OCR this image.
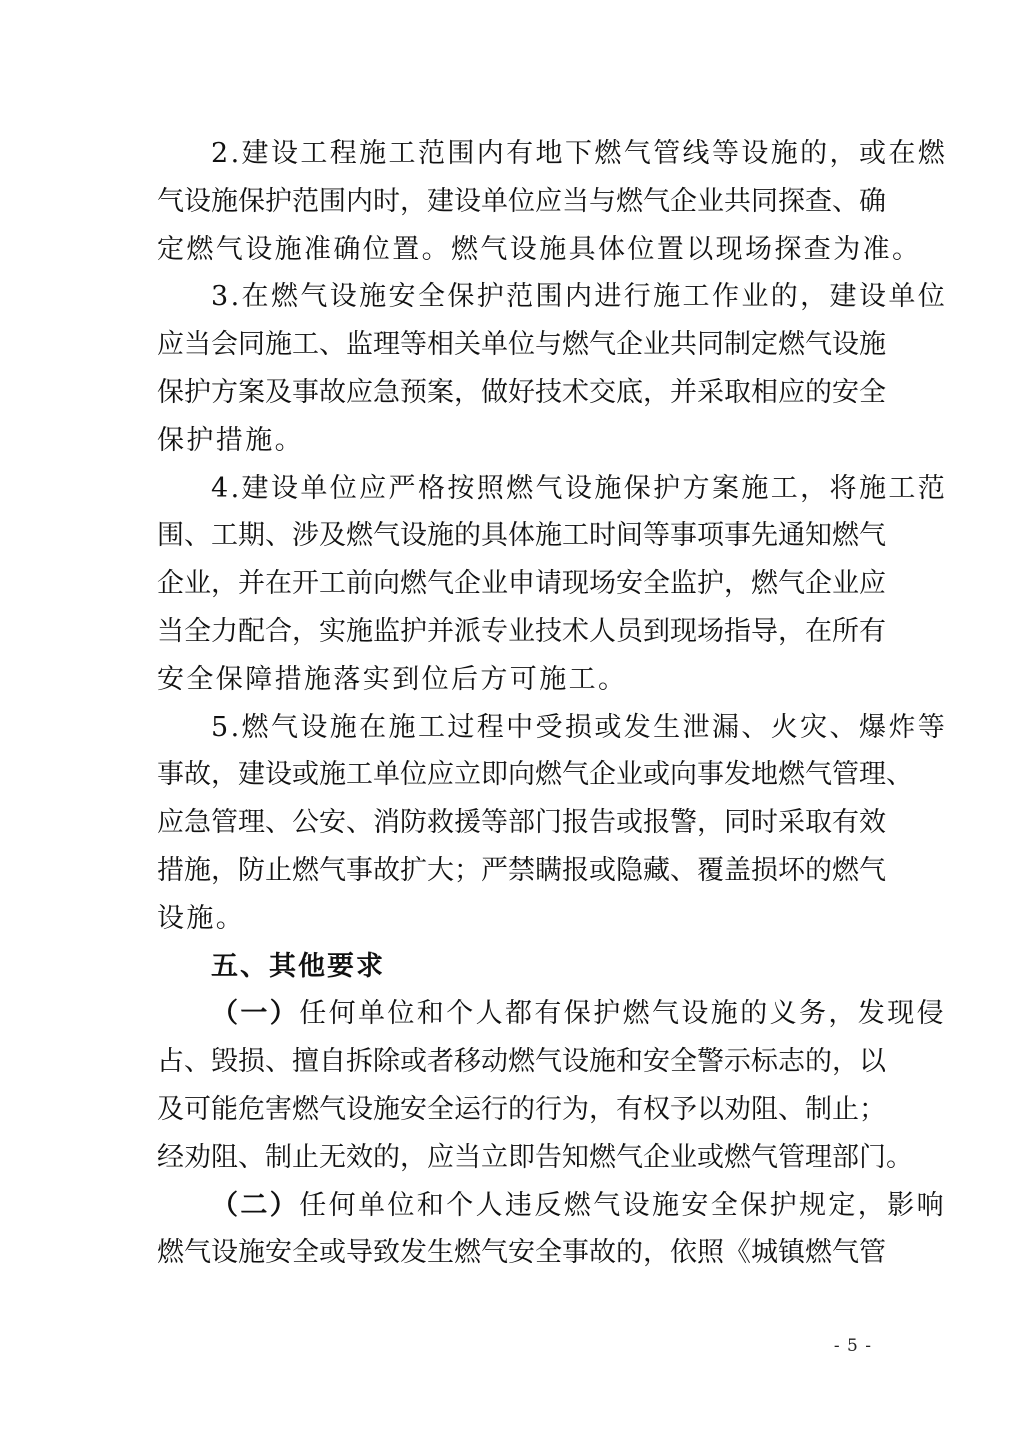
2.建设工程施工范围内有地下燃气管线等设施的，或在燃
气设施保护范围内时，建设单位应当与燃气企业共同探查、确
定燃气设施准确位置。燃气设施具体位置以现场探查为准。
3.在燃气设施安全保护范围内进行施工作业的，建设单位
应当会同施工、监理等相关单位与燃气企业共同制定燃气设施
保护方案及事故应急预案，做好技术交底，并采取相应的安全
保护措施。
4.建设单位应严格按照燃气设施保护方案施工，将施工范
围、工期、涉及燃气设施的具体施工时间等事项事先通知燃气
企业，并在开工前向燃气企业申请现场安全监护，燃气企业应
当全力配合，实施监护并派专业技术人员到现场指导，在所有
安全保障措施落实到位后方可施工。
5.燃气设施在施工过程中受损或发生泄漏、火灾、爆炸等
事故，建设或施工单位应立即向燃气企业或向事发地燃气管理、
应急管理、公安、消防救援等部门报告或报警，同时采取有效
措施，防止燃气事故扩大；严禁瞒报或隐藏、覆盖损坏的燃气
设施。
五、其他要求
（一）任何单位和个人都有保护燃气设施的义务，发现侵
占、毁损、擅自拆除或者移动燃气设施和安全警示标志的，以
及可能危害燃气设施安全运行的行为，有权予以劝阻、制止；
经劝阻、制止无效的，应当立即告知燃气企业或燃气管理部门。
（二）任何单位和个人违反燃气设施安全保护规定，影响
燃气设施安全或导致发生燃气安全事故的，依照《城镇燃气管
- 5 -
